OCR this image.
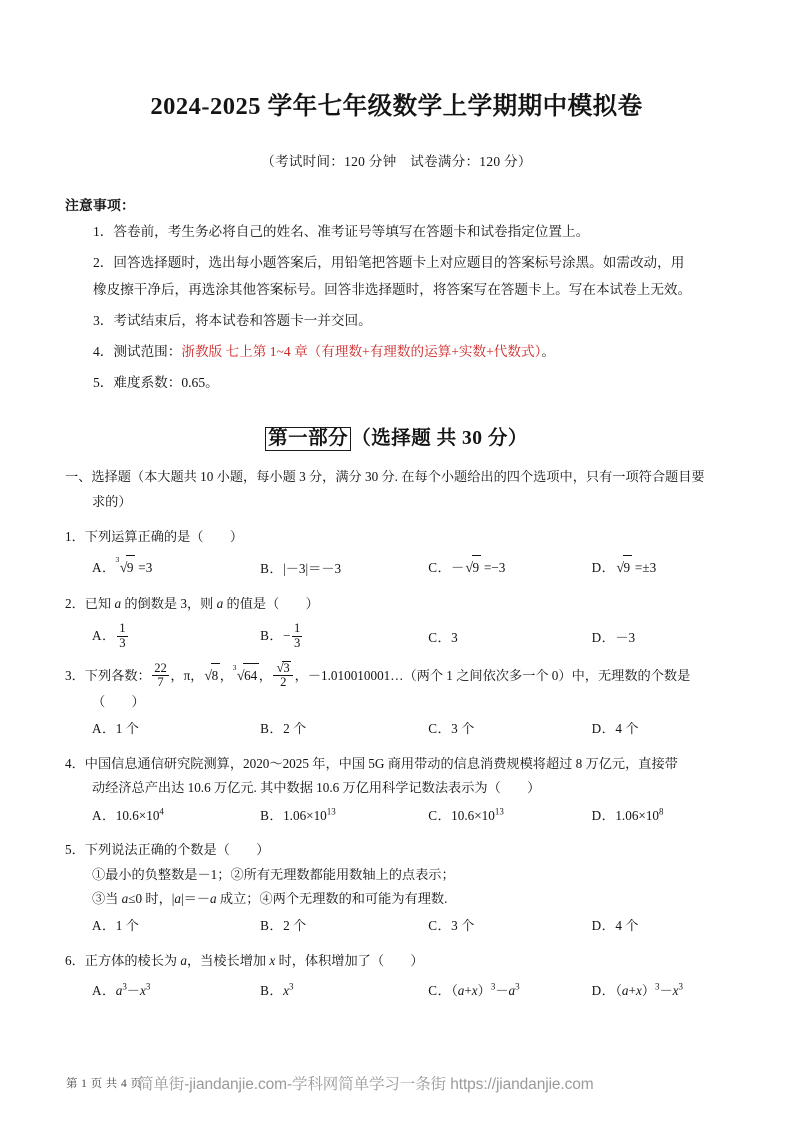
2024-2025 学年七年级数学上学期期中模拟卷

（考试时间：120 分钟　试卷满分：120 分）

注意事项：

1．答卷前，考生务必将自己的姓名、准考证号等填写在答题卡和试卷指定位置上。
2．回答选择题时，选出每小题答案后，用铅笔把答题卡上对应题目的答案标号涂黑。如需改动，用
橡皮擦干净后，再选涂其他答案标号。回答非选择题时，将答案写在答题卡上。写在本试卷上无效。
3．考试结束后，将本试卷和答题卡一并交回。
4．测试范围：浙教版 七上第 1~4 章（有理数+有理数的运算+实数+代数式）。
5．难度系数：0.65。
第一部分 （选择题 共 30 分）

一、选择题（本大题共 10 小题，每小题 3 分，满分 30 分. 在每个小题给出的四个选项中，只有一项符合题目要
求的）

1．下列运算正确的是（　　）
A．
3
√9 =3	B．|－3|＝－3	C．－√9 =−3	D．√9 =±3
2．已知 a 的倒数是 3，则 a 的值是（　　）
A． $\frac{1}{3}$	B．− $\frac{1}{3}$	C．3	D．－3
3．下列各数： $\frac{22}{7}$ ，π，√8 ，
3
√64 ， $\frac{√3}{2}$ ，－1.010010001…（两个 1 之间依次多一个 0）中，无理数的个数是
（　　）
A．1 个	B．2 个	C．3 个	D．4 个
4．中国信息通信研究院测算，2020～2025 年，中国 5G 商用带动的信息消费规模将超过 8 万亿元，直接带
动经济总产出达 10.6 万亿元. 其中数据 10.6 万亿用科学记数法表示为（　　）
A．$10.6\times 10^4$	B．$1.06\times 10^{13}$	C．$10.6\times 10^{13}$	D．$1.06\times 10^8$
5．下列说法正确的个数是（　　）
①最小的负整数是－1；②所有无理数都能用数轴上的点表示；
③当 a≤0 时，|a|＝－a 成立；④两个无理数的和可能为有理数.
A．1 个	B．2 个	C．3 个	D．4 个
6．正方体的棱长为 a，当棱长增加 x 时，体积增加了（　　）
A．$a^3-x^3$	B．$x^3$	C．$(a+x)^3-a^3$	D．$(a+x)^3-x^3$
第 1 页 共 4 页
简单街-jiandanjie.com-学科网简单学习一条街 https://jiandanjie.com
